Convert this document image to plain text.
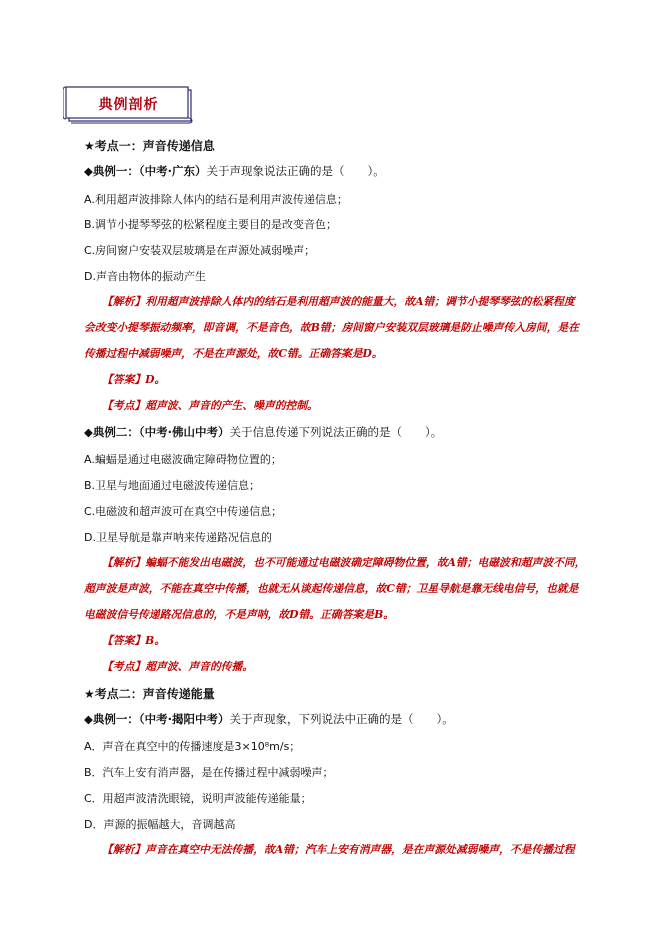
典例剖析
★考点一：声音传递信息
◆典例一：（中考·广东）关于声现象说法正确的是（　　）。
A.利用超声波排除人体内的结石是利用声波传递信息；
B.调节小提琴琴弦的松紧程度主要目的是改变音色；
C.房间窗户安装双层玻璃是在声源处减弱噪声；
D.声音由物体的振动产生
【解析】利用超声波排除人体内的结石是利用超声波的能量大，故A错；调节小提琴琴弦的松紧程度
会改变小提琴振动频率，即音调，不是音色，故B错；房间窗户安装双层玻璃是防止噪声传入房间，是在
传播过程中减弱噪声，不是在声源处，故C错。正确答案是D。
【答案】D。
【考点】超声波、声音的产生、噪声的控制。
◆典例二：（中考·佛山中考）关于信息传递下列说法正确的是（　　）。
A.蝙蝠是通过电磁波确定障碍物位置的；
B.卫星与地面通过电磁波传递信息；
C.电磁波和超声波可在真空中传递信息；
D.卫星导航是靠声呐来传递路况信息的
【解析】蝙蝠不能发出电磁波，也不可能通过电磁波确定障碍物位置，故A错；电磁波和超声波不同，
超声波是声波，不能在真空中传播，也就无从谈起传递信息，故C错；卫星导航是靠无线电信号，也就是
电磁波信号传递路况信息的，不是声呐，故D错。正确答案是B。
【答案】B。
【考点】超声波、声音的传播。
★考点二：声音传递能量
◆典例一：（中考·揭阳中考）关于声现象，下列说法中正确的是（　　）。
A．声音在真空中的传播速度是3×10⁸m/s；
B．汽车上安有消声器，是在传播过程中减弱噪声；
C．用超声波清洗眼镜，说明声波能传递能量；
D．声源的振幅越大，音调越高
【解析】声音在真空中无法传播，故A错；汽车上安有消声器，是在声源处减弱噪声，不是传播过程
